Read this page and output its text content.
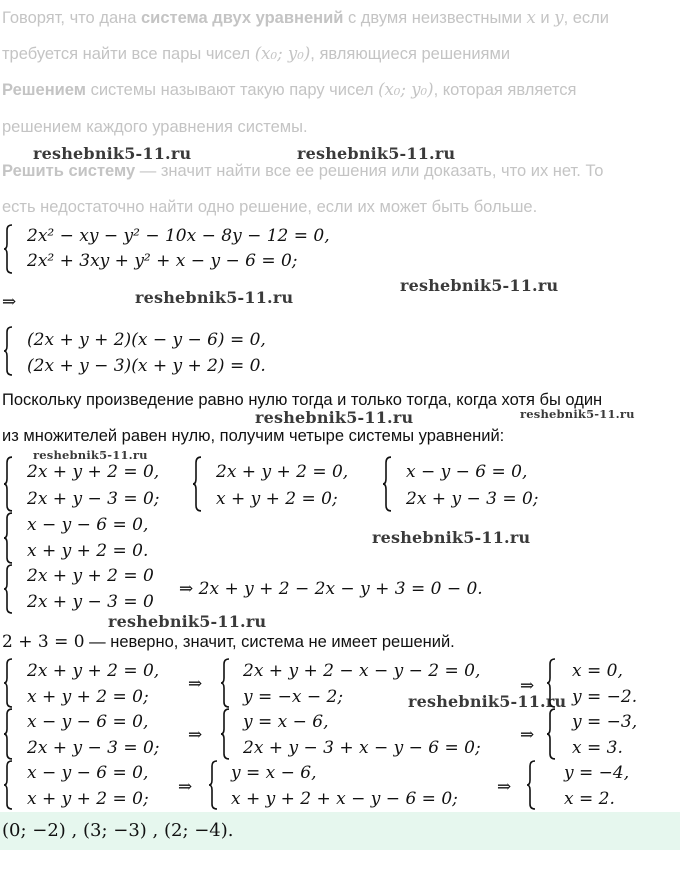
Говорят, что дана система двух уравнений с двумя неизвестными x и y, если
требуется найти все пары чисел (x₀; y₀), являющиеся решениями
Решением системы называют такую пару чисел (x₀; y₀), которая является
решением каждого уравнения системы.
Решить систему — значит найти все ее решения или доказать, что их нет. То
есть недостаточно найти одно решение, если их может быть больше.
reshebnik5-11.ru	reshebnik5-11.ru
reshebnik5-11.ru
reshebnik5-11.ru
reshebnik5-11.ru	reshebnik5-11.ru
reshebnik5-11.ru
reshebnik5-11.ru
reshebnik5-11.ru
reshebnik5-11.ru
2x² − xy − y² − 10x − 8y − 12 = 0,
2x² + 3xy + y² + x − y − 6 = 0;
⇒
(2x + y + 2)(x − y − 6) = 0,
(2x + y − 3)(x + y + 2) = 0.
Поскольку произведение равно нулю тогда и только тогда, когда хотя бы один
из множителей равен нулю, получим четыре системы уравнений:
2x + y + 2 = 0,
2x + y − 3 = 0;
2x + y + 2 = 0,
x + y + 2 = 0;
x − y − 6 = 0,
2x + y − 3 = 0;
x − y − 6 = 0,
x + y + 2 = 0.
2x + y + 2 = 0
2x + y − 3 = 0
⇒ 2x + y + 2 − 2x − y + 3 = 0 − 0.
2 + 3 = 0 — неверно, значит, система не имеет решений.
2x + y + 2 = 0,
x + y + 2 = 0;
⇒
2x + y + 2 − x − y − 2 = 0,
y = −x − 2;
⇒
x = 0,
y = −2.
x − y − 6 = 0,
2x + y − 3 = 0;
⇒
y = x − 6,
2x + y − 3 + x − y − 6 = 0;
⇒
y = −3,
x = 3.
x − y − 6 = 0,
x + y + 2 = 0;
⇒
y = x − 6,
x + y + 2 + x − y − 6 = 0;
⇒
y = −4,
x = 2.
(0; −2) , (3; −3) , (2; −4).
